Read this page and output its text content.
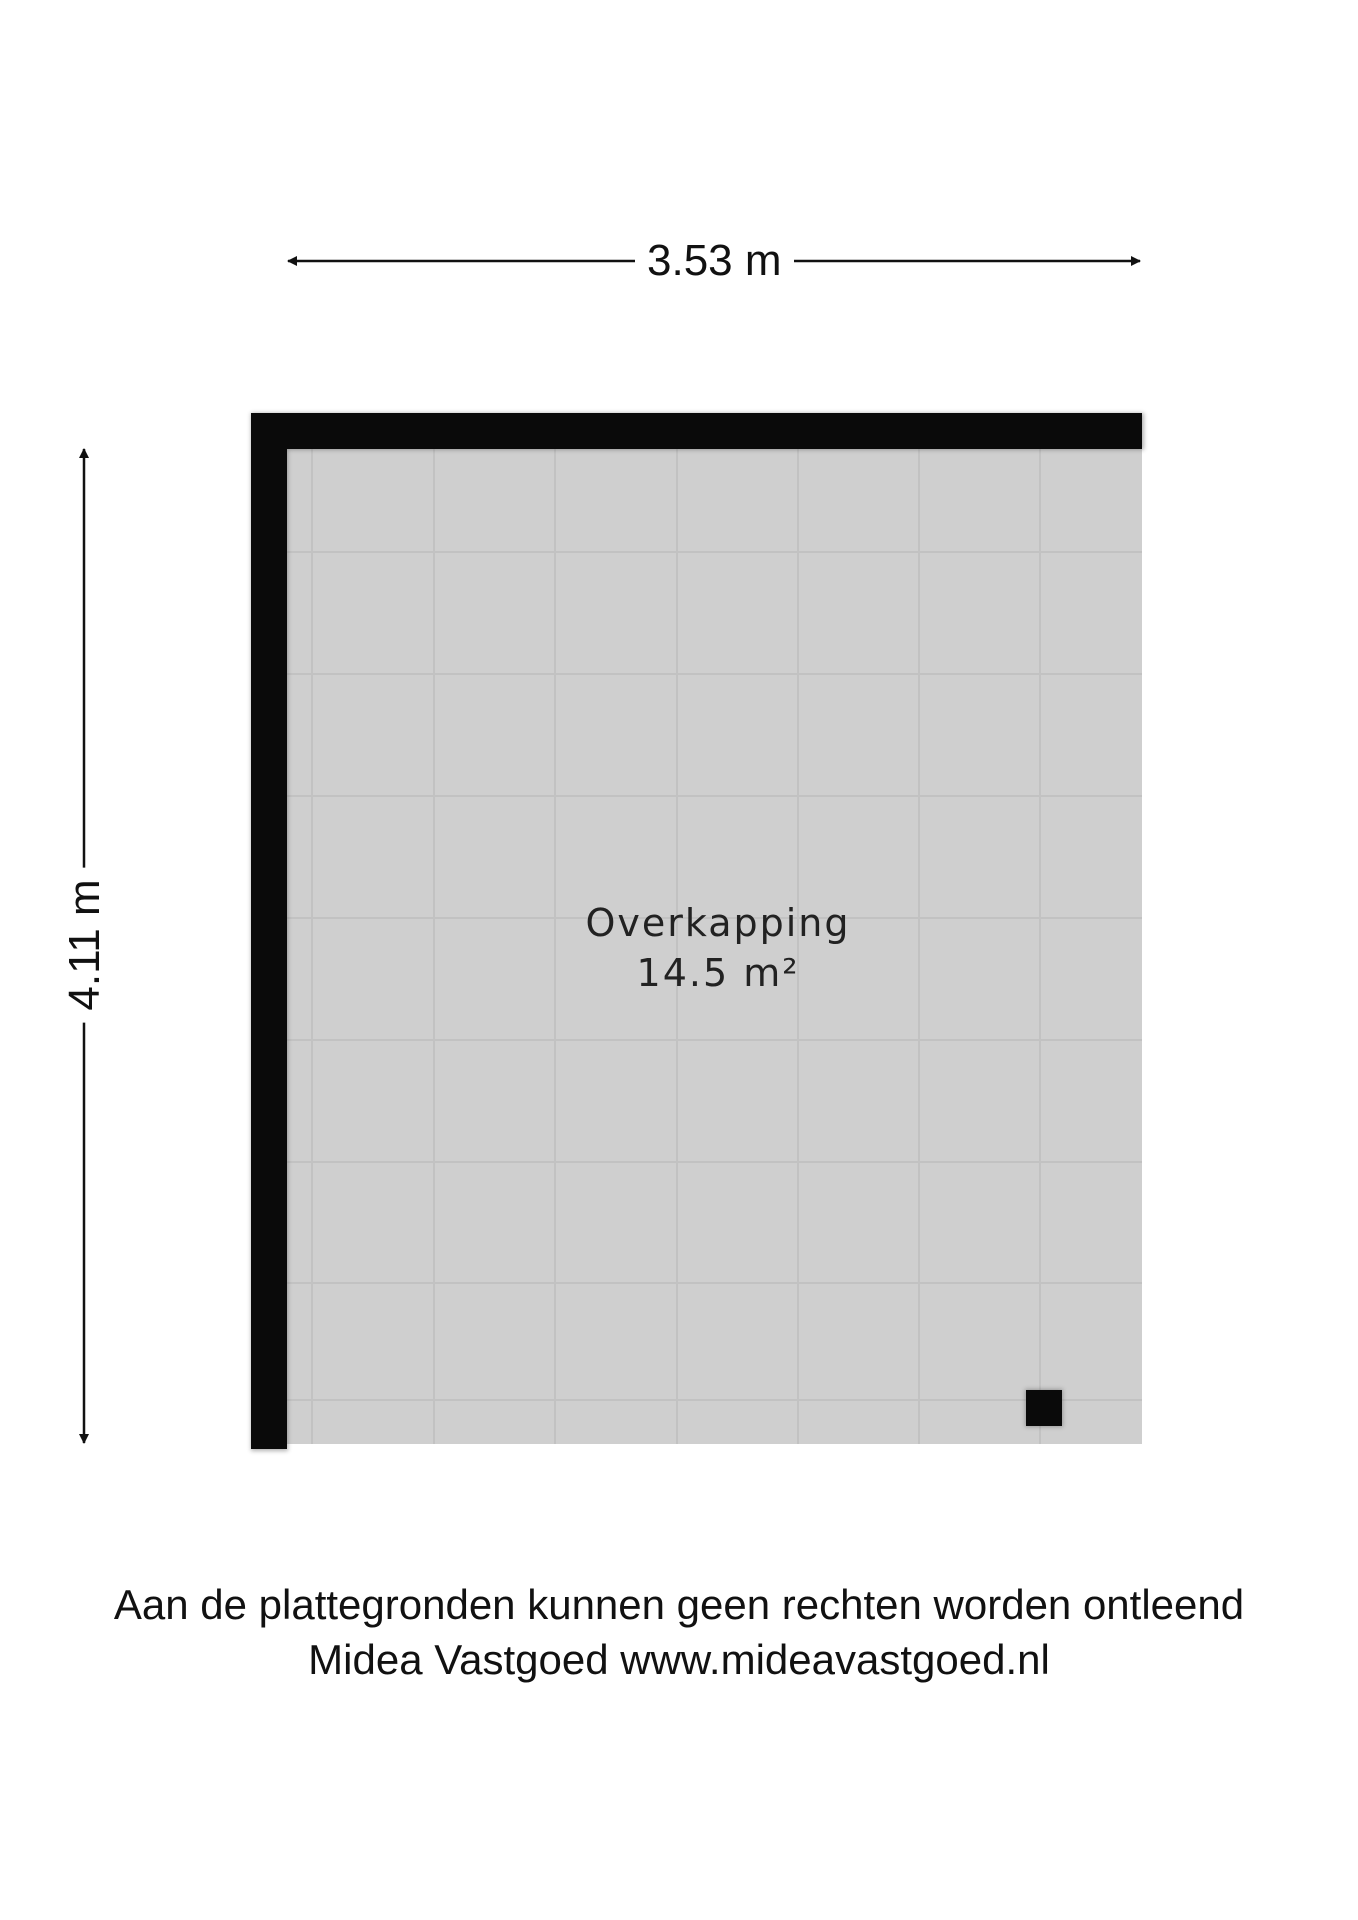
3.53 m
4.11 m	Overkapping
14.5 m²
Aan de plattegronden kunnen geen rechten worden ontleend
Midea Vastgoed www.mideavastgoed.nl
